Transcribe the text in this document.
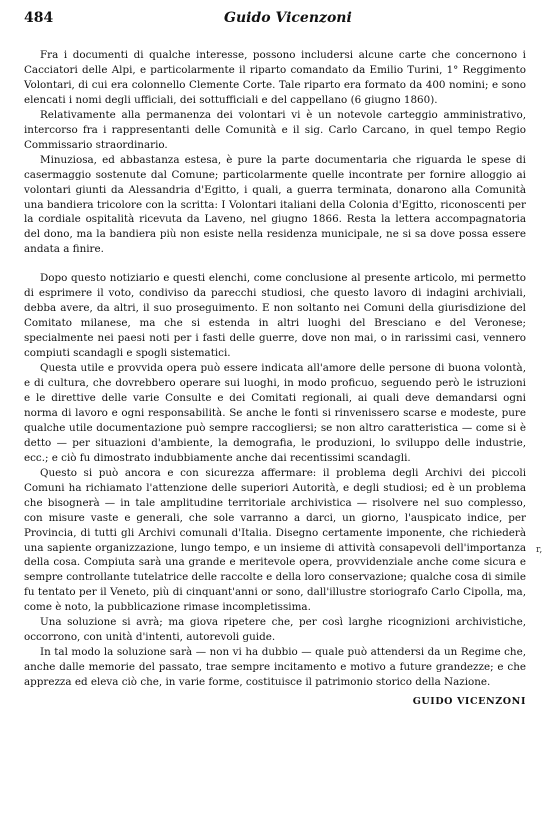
484	Guido Vicenzoni

Fra i documenti di qualche interesse, possono includersi alcune carte che concernono i Cacciatori delle Alpi, e particolarmente il riparto comandato da Emilio Turini, 1° Reggimento Volontari, di cui era colonnello Clemente Corte. Tale riparto era formato da 400 nomini; e sono elencati i nomi degli ufficiali, dei sottufficiali e del cappellano (6 giugno 1860).

Relativamente alla permanenza dei volontari vi è un notevole carteggio amministrativo, intercorso fra i rappresentanti delle Comunità e il sig. Carlo Carcano, in quel tempo Regio Commissario straordinario.

Minuziosa, ed abbastanza estesa, è pure la parte documentaria che riguarda le spese di casermaggio sostenute dal Comune; particolarmente quelle incontrate per fornire alloggio ai volontari giunti da Alessandria d'Egitto, i quali, a guerra terminata, donarono alla Comunità una bandiera tricolore con la scritta: I Volontari italiani della Colonia d'Egitto, riconoscenti per la cordiale ospitalità ricevuta da Laveno, nel giugno 1866. Resta la lettera accompagnatoria del dono, ma la bandiera più non esiste nella residenza municipale, ne si sa dove possa essere andata a finire.

Dopo questo notiziario e questi elenchi, come conclusione al presente articolo, mi permetto di esprimere il voto, condiviso da parecchi studiosi, che questo lavoro di indagini archiviali, debba avere, da altri, il suo proseguimento. E non soltanto nei Comuni della giurisdizione del Comitato milanese, ma che si estenda in altri luoghi del Bresciano e del Veronese; specialmente nei paesi noti per i fasti delle guerre, dove non mai, o in rarissimi casi, vennero compiuti scandagli e spogli sistematici.

Questa utile e provvida opera può essere indicata all'amore delle persone di buona volontà, e di cultura, che dovrebbero operare sui luoghi, in modo proficuo, seguendo però le istruzioni e le direttive delle varie Consulte e dei Comitati regionali, ai quali deve demandarsi ogni norma di lavoro e ogni responsabilità. Se anche le fonti si rinvenissero scarse e modeste, pure qualche utile documentazione può sempre raccogliersi; se non altro caratteristica — come si è detto — per situazioni d'ambiente, la demografia, le produzioni, lo sviluppo delle industrie, ecc.; e ciò fu dimostrato indubbiamente anche dai recentissimi scandagli.

Questo si può ancora e con sicurezza affermare: il problema degli Archivi dei piccoli Comuni ha richiamato l'attenzione delle superiori Autorità, e degli studiosi; ed è un problema che bisognerà — in tale amplitudine territoriale archivistica — risolvere nel suo complesso, con misure vaste e generali, che sole varranno a darci, un giorno, l'auspicato indice, per Provincia, di tutti gli Archivi comunali d'Italia. Disegno certamente imponente, che richiederà una sapiente organizzazione, lungo tempo, e un insieme di attività consapevoli dell'importanza della cosa. Compiuta sarà una grande e meritevole opera, provvidenziale anche come sicura e sempre controllante tutelatrice delle raccolte e della loro conservazione; qualche cosa di simile fu tentato per il Veneto, più di cinquant'anni or sono, dall'illustre storiografo Carlo Cipolla, ma, come è noto, la pubblicazione rimase incompletissima.

Una soluzione si avrà; ma giova ripetere che, per così larghe ricognizioni archivistiche, occorrono, con unità d'intenti, autorevoli guide.

In tal modo la soluzione sarà — non vi ha dubbio — quale può attendersi da un Regime che, anche dalle memorie del passato, trae sempre incitamento e motivo a future grandezze; e che apprezza ed eleva ciò che, in varie forme, costituisce il patrimonio storico della Nazione.

GUIDO VICENZONI
r,
